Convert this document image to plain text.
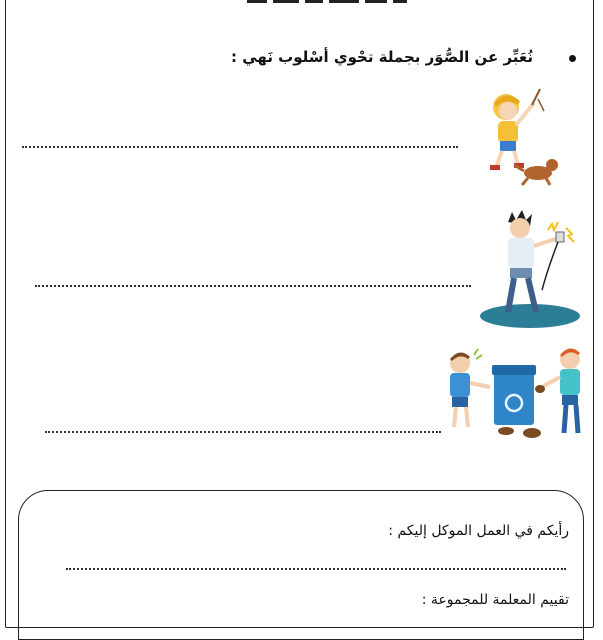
نُعَبِّر عن الصُّوَر بجملة تحْوي أسْلوب نَهي :
رأيكم في العمل الموكل إليكم :
تقييم المعلمة للمجموعة :
